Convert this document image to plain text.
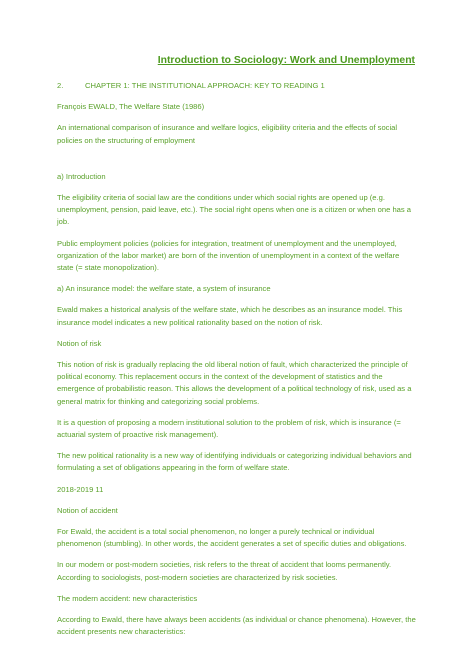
Introduction to Sociology: Work and Unemployment

2.	CHAPTER 1: THE INSTITUTIONAL APPROACH: KEY TO READING 1

François EWALD, The Welfare State (1986)

An international comparison of insurance and welfare logics, eligibility criteria and the effects of social policies on the structuring of employment

a) Introduction

The eligibility criteria of social law are the conditions under which social rights are opened up (e.g. unemployment, pension, paid leave, etc.). The social right opens when one is a citizen or when one has a job.

Public employment policies (policies for integration, treatment of unemployment and the unemployed, organization of the labor market) are born of the invention of unemployment in a context of the welfare state (= state monopolization).

a) An insurance model: the welfare state, a system of insurance

Ewald makes a historical analysis of the welfare state, which he describes as an insurance model. This insurance model indicates a new political rationality based on the notion of risk.

Notion of risk

This notion of risk is gradually replacing the old liberal notion of fault, which characterized the principle of political economy. This replacement occurs in the context of the development of statistics and the emergence of probabilistic reason. This allows the development of a political technology of risk, used as a general matrix for thinking and categorizing social problems.

It is a question of proposing a modern institutional solution to the problem of risk, which is insurance (= actuarial system of proactive risk management).

The new political rationality is a new way of identifying individuals or categorizing individual behaviors and formulating a set of obligations appearing in the form of welfare state.

2018-2019 11

Notion of accident

For Ewald, the accident is a total social phenomenon, no longer a purely technical or individual phenomenon (stumbling). In other words, the accident generates a set of specific duties and obligations.

In our modern or post-modern societies, risk refers to the threat of accident that looms permanently. According to sociologists, post-modern societies are characterized by risk societies.

The modern accident: new characteristics

According to Ewald, there have always been accidents (as individual or chance phenomena). However, the accident presents new characteristics:
